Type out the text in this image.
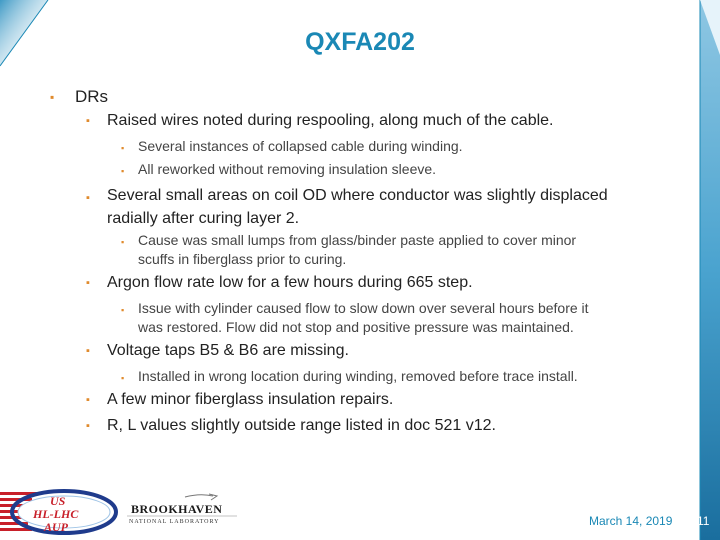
QXFA202
▪ DRs
▪ Raised wires noted during respooling, along much of the cable.
▪ Several instances of collapsed cable during winding.
▪ All reworked without removing insulation sleeve.
▪ Several small areas on coil OD where conductor was slightly displaced
radially after curing layer 2.
▪ Cause was small lumps from glass/binder paste applied to cover minor
scuffs in fiberglass prior to curing.
▪ Argon flow rate low for a few hours during 665 step.
▪ Issue with cylinder caused flow to slow down over several hours before it
was restored. Flow did not stop and positive pressure was maintained.
▪ Voltage taps B5 & B6 are missing.
▪ Installed in wrong location during winding, removed before trace install.
▪ A few minor fiberglass insulation repairs.
▪ R, L values slightly outside range listed in doc 521 v12.
US
HL-LHC
AUP
BROOKHAVEN
NATIONAL LABORATORY	March 14, 2019 11
